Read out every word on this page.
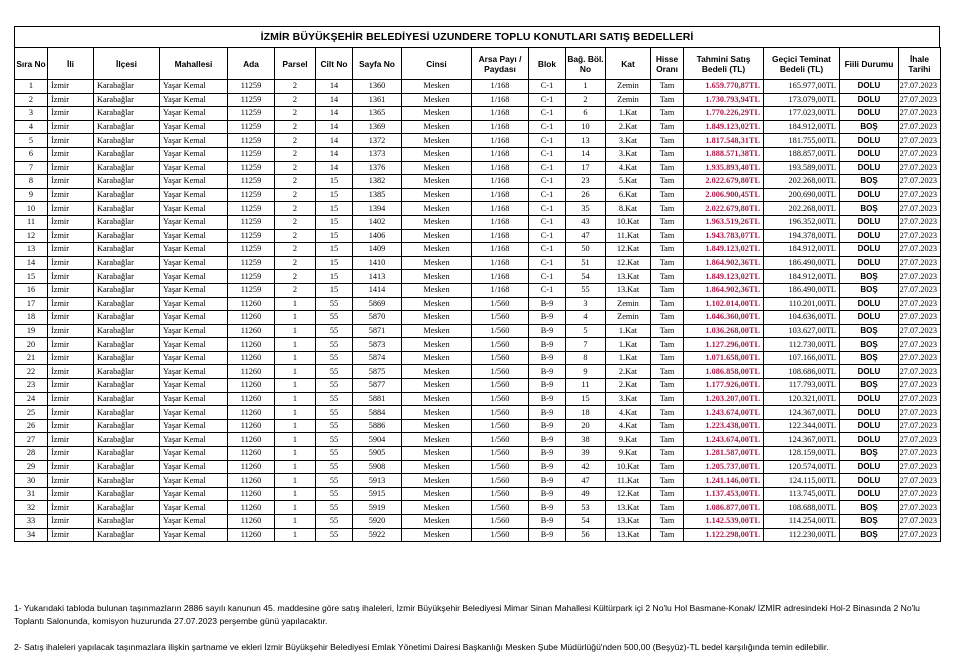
İZMİR BÜYÜKŞEHİR BELEDİYESİ UZUNDERE TOPLU KONUTLARI SATIŞ BEDELLERİ
Sıra No	İli	İlçesi	Mahallesi	Ada	Parsel	Cilt No	Sayfa No	Cinsi	Arsa Payı / Paydası	Blok	Bağ. Böl. No	Kat	Hisse Oranı	Tahmini Satış Bedeli (TL)	Geçici Teminat Bedeli (TL)	Fiili Durumu	İhale Tarihi
1	İzmir	Karabağlar	Yaşar Kemal	11259	2	14	1360	Mesken	1/168	C-1	1	Zemin	Tam	1.659.770,87TL	165.977,00TL	DOLU	27.07.2023
2	İzmir	Karabağlar	Yaşar Kemal	11259	2	14	1361	Mesken	1/168	C-1	2	Zemin	Tam	1.730.793,94TL	173.079,00TL	DOLU	27.07.2023
3	İzmir	Karabağlar	Yaşar Kemal	11259	2	14	1365	Mesken	1/168	C-1	6	1.Kat	Tam	1.770.226,29TL	177.023,00TL	DOLU	27.07.2023
4	İzmir	Karabağlar	Yaşar Kemal	11259	2	14	1369	Mesken	1/168	C-1	10	2.Kat	Tam	1.849.123,02TL	184.912,00TL	BOŞ	27.07.2023
5	İzmir	Karabağlar	Yaşar Kemal	11259	2	14	1372	Mesken	1/168	C-1	13	3.Kat	Tam	1.817.548,31TL	181.755,00TL	DOLU	27.07.2023
6	İzmir	Karabağlar	Yaşar Kemal	11259	2	14	1373	Mesken	1/168	C-1	14	3.Kat	Tam	1.888.571,38TL	188.857,00TL	DOLU	27.07.2023
7	İzmir	Karabağlar	Yaşar Kemal	11259	2	14	1376	Mesken	1/168	C-1	17	4.Kat	Tam	1.935.893,40TL	193.589,00TL	DOLU	27.07.2023
8	İzmir	Karabağlar	Yaşar Kemal	11259	2	15	1382	Mesken	1/168	C-1	23	5.Kat	Tam	2.022.679,80TL	202.268,00TL	BOŞ	27.07.2023
9	İzmir	Karabağlar	Yaşar Kemal	11259	2	15	1385	Mesken	1/168	C-1	26	6.Kat	Tam	2.006.900,45TL	200.690,00TL	DOLU	27.07.2023
10	İzmir	Karabağlar	Yaşar Kemal	11259	2	15	1394	Mesken	1/168	C-1	35	8.Kat	Tam	2.022.679,80TL	202.268,00TL	BOŞ	27.07.2023
11	İzmir	Karabağlar	Yaşar Kemal	11259	2	15	1402	Mesken	1/168	C-1	43	10.Kat	Tam	1.963.519,26TL	196.352,00TL	DOLU	27.07.2023
12	İzmir	Karabağlar	Yaşar Kemal	11259	2	15	1406	Mesken	1/168	C-1	47	11.Kat	Tam	1.943.783,07TL	194.378,00TL	DOLU	27.07.2023
13	İzmir	Karabağlar	Yaşar Kemal	11259	2	15	1409	Mesken	1/168	C-1	50	12.Kat	Tam	1.849.123,02TL	184.912,00TL	DOLU	27.07.2023
14	İzmir	Karabağlar	Yaşar Kemal	11259	2	15	1410	Mesken	1/168	C-1	51	12.Kat	Tam	1.864.902,36TL	186.490,00TL	DOLU	27.07.2023
15	İzmir	Karabağlar	Yaşar Kemal	11259	2	15	1413	Mesken	1/168	C-1	54	13.Kat	Tam	1.849.123,02TL	184.912,00TL	BOŞ	27.07.2023
16	İzmir	Karabağlar	Yaşar Kemal	11259	2	15	1414	Mesken	1/168	C-1	55	13.Kat	Tam	1.864.902,36TL	186.490,00TL	BOŞ	27.07.2023
17	İzmir	Karabağlar	Yaşar Kemal	11260	1	55	5869	Mesken	1/560	B-9	3	Zemin	Tam	1.102.014,00TL	110.201,00TL	DOLU	27.07.2023
18	İzmir	Karabağlar	Yaşar Kemal	11260	1	55	5870	Mesken	1/560	B-9	4	Zemin	Tam	1.046.360,00TL	104.636,00TL	DOLU	27.07.2023
19	İzmir	Karabağlar	Yaşar Kemal	11260	1	55	5871	Mesken	1/560	B-9	5	1.Kat	Tam	1.036.268,00TL	103.627,00TL	BOŞ	27.07.2023
20	İzmir	Karabağlar	Yaşar Kemal	11260	1	55	5873	Mesken	1/560	B-9	7	1.Kat	Tam	1.127.296,00TL	112.730,00TL	BOŞ	27.07.2023
21	İzmir	Karabağlar	Yaşar Kemal	11260	1	55	5874	Mesken	1/560	B-9	8	1.Kat	Tam	1.071.658,00TL	107.166,00TL	BOŞ	27.07.2023
22	İzmir	Karabağlar	Yaşar Kemal	11260	1	55	5875	Mesken	1/560	B-9	9	2.Kat	Tam	1.086.858,00TL	108.686,00TL	DOLU	27.07.2023
23	İzmir	Karabağlar	Yaşar Kemal	11260	1	55	5877	Mesken	1/560	B-9	11	2.Kat	Tam	1.177.926,00TL	117.793,00TL	BOŞ	27.07.2023
24	İzmir	Karabağlar	Yaşar Kemal	11260	1	55	5881	Mesken	1/560	B-9	15	3.Kat	Tam	1.203.207,00TL	120.321,00TL	DOLU	27.07.2023
25	İzmir	Karabağlar	Yaşar Kemal	11260	1	55	5884	Mesken	1/560	B-9	18	4.Kat	Tam	1.243.674,00TL	124.367,00TL	DOLU	27.07.2023
26	İzmir	Karabağlar	Yaşar Kemal	11260	1	55	5886	Mesken	1/560	B-9	20	4.Kat	Tam	1.223.438,00TL	122.344,00TL	DOLU	27.07.2023
27	İzmir	Karabağlar	Yaşar Kemal	11260	1	55	5904	Mesken	1/560	B-9	38	9.Kat	Tam	1.243.674,00TL	124.367,00TL	DOLU	27.07.2023
28	İzmir	Karabağlar	Yaşar Kemal	11260	1	55	5905	Mesken	1/560	B-9	39	9.Kat	Tam	1.281.587,00TL	128.159,00TL	BOŞ	27.07.2023
29	İzmir	Karabağlar	Yaşar Kemal	11260	1	55	5908	Mesken	1/560	B-9	42	10.Kat	Tam	1.205.737,00TL	120.574,00TL	DOLU	27.07.2023
30	İzmir	Karabağlar	Yaşar Kemal	11260	1	55	5913	Mesken	1/560	B-9	47	11.Kat	Tam	1.241.146,00TL	124.115,00TL	DOLU	27.07.2023
31	İzmir	Karabağlar	Yaşar Kemal	11260	1	55	5915	Mesken	1/560	B-9	49	12.Kat	Tam	1.137.453,00TL	113.745,00TL	DOLU	27.07.2023
32	İzmir	Karabağlar	Yaşar Kemal	11260	1	55	5919	Mesken	1/560	B-9	53	13.Kat	Tam	1.086.877,00TL	108.688,00TL	BOŞ	27.07.2023
33	İzmir	Karabağlar	Yaşar Kemal	11260	1	55	5920	Mesken	1/560	B-9	54	13.Kat	Tam	1.142.539,00TL	114.254,00TL	BOŞ	27.07.2023
34	İzmir	Karabağlar	Yaşar Kemal	11260	1	55	5922	Mesken	1/560	B-9	56	13.Kat	Tam	1.122.298,00TL	112.230,00TL	BOŞ	27.07.2023
1- Yukarıdaki tabloda bulunan taşınmazların 2886 sayılı kanunun 45. maddesine göre satış ihaleleri, İzmir Büyükşehir Belediyesi Mimar Sinan Mahallesi Kültürpark içi 2 No'lu Hol Basmane-Konak/ İZMİR adresindeki Hol-2 Binasında 2 No'lu Toplantı Salonunda, komisyon huzurunda 27.07.2023 perşembe günü yapılacaktır.
2- Satış ihaleleri yapılacak taşınmazlara ilişkin şartname ve ekleri İzmir Büyükşehir Belediyesi Emlak Yönetimi Dairesi Başkanlığı Mesken Şube Müdürlüğü'nden 500,00 (Beşyüz)-TL bedel karşılığında temin edilebilir.
